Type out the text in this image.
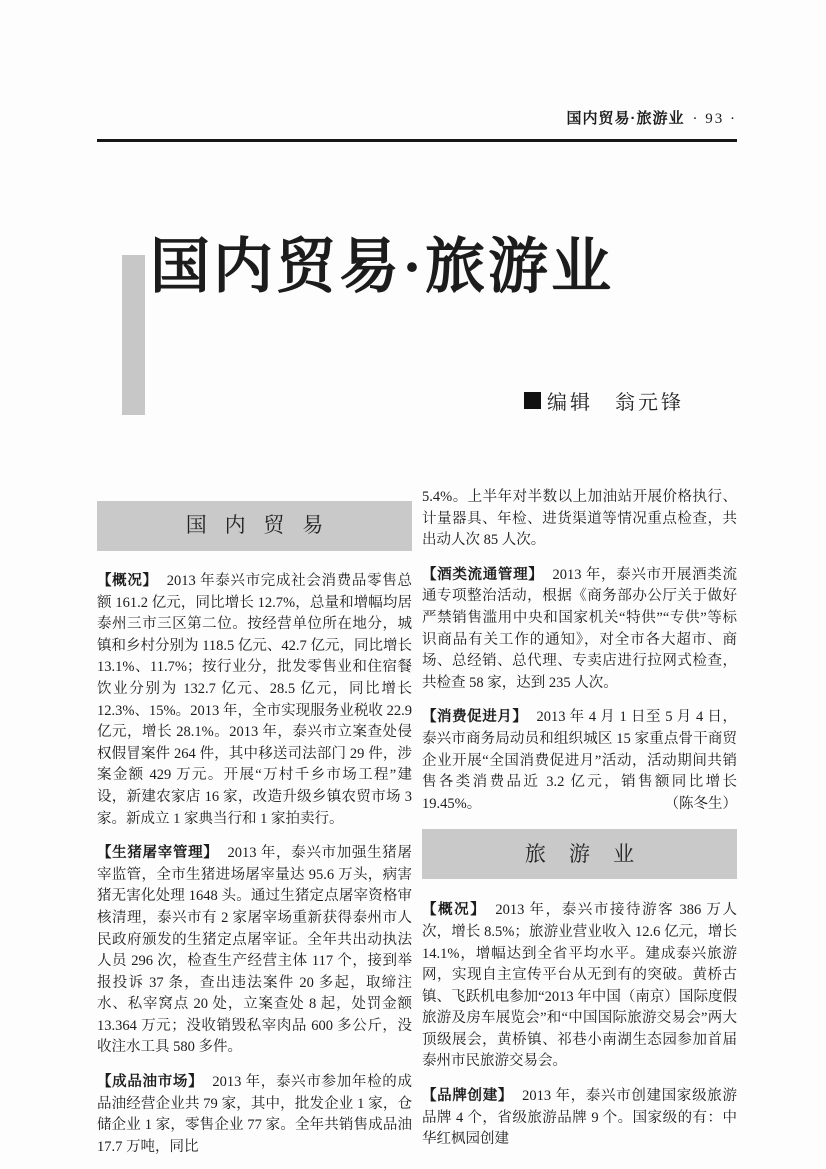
国内贸易·旅游业 · 93 ·
国内贸易·旅游业
编辑 翁元锋
国内贸易

【概况】 2013 年泰兴市完成社会消费品零售总额 161.2 亿元，同比增长 12.7%，总量和增幅均居泰州三市三区第二位。按经营单位所在地分，城镇和乡村分别为 118.5 亿元、42.7 亿元，同比增长 13.1%、11.7%；按行业分，批发零售业和住宿餐饮业分别为 132.7 亿元、28.5 亿元，同比增长 12.3%、15%。2013 年，全市实现服务业税收 22.9 亿元，增长 28.1%。2013 年，泰兴市立案查处侵权假冒案件 264 件，其中移送司法部门 29 件，涉案金额 429 万元。开展“万村千乡市场工程”建设，新建农家店 16 家，改造升级乡镇农贸市场 3 家。新成立 1 家典当行和 1 家拍卖行。

【生猪屠宰管理】 2013 年，泰兴市加强生猪屠宰监管，全市生猪进场屠宰量达 95.6 万头，病害猪无害化处理 1648 头。通过生猪定点屠宰资格审核清理，泰兴市有 2 家屠宰场重新获得泰州市人民政府颁发的生猪定点屠宰证。全年共出动执法人员 296 次，检查生产经营主体 117 个，接到举报投诉 37 条，查出违法案件 20 多起，取缔注水、私宰窝点 20 处，立案查处 8 起，处罚金额 13.364 万元；没收销毁私宰肉品 600 多公斤，没收注水工具 580 多件。

【成品油市场】 2013 年，泰兴市参加年检的成品油经营企业共 79 家，其中，批发企业 1 家，仓储企业 1 家，零售企业 77 家。全年共销售成品油 17.7 万吨，同比

5.4%。上半年对半数以上加油站开展价格执行、计量器具、年检、进货渠道等情况重点检查，共出动人次 85 人次。

【酒类流通管理】 2013 年，泰兴市开展酒类流通专项整治活动，根据《商务部办公厅关于做好严禁销售滥用中央和国家机关“特供”“专供”等标识商品有关工作的通知》，对全市各大超市、商场、总经销、总代理、专卖店进行拉网式检查，共检查 58 家，达到 235 人次。

【消费促进月】 2013 年 4 月 1 日至 5 月 4 日，泰兴市商务局动员和组织城区 15 家重点骨干商贸企业开展“全国消费促进月”活动，活动期间共销售各类消费品近 3.2 亿元，销售额同比增长 19.45%。	（陈冬生）

旅游业

【概况】 2013 年，泰兴市接待游客 386 万人次，增长 8.5%；旅游业营业收入 12.6 亿元，增长 14.1%，增幅达到全省平均水平。建成泰兴旅游网，实现自主宣传平台从无到有的突破。黄桥古镇、飞跃机电参加“2013 年中国（南京）国际度假旅游及房车展览会”和“中国国际旅游交易会”两大顶级展会，黄桥镇、祁巷小南湖生态园参加首届泰州市民旅游交易会。

【品牌创建】 2013 年，泰兴市创建国家级旅游品牌 4 个，省级旅游品牌 9 个。国家级的有：中华红枫园创建
